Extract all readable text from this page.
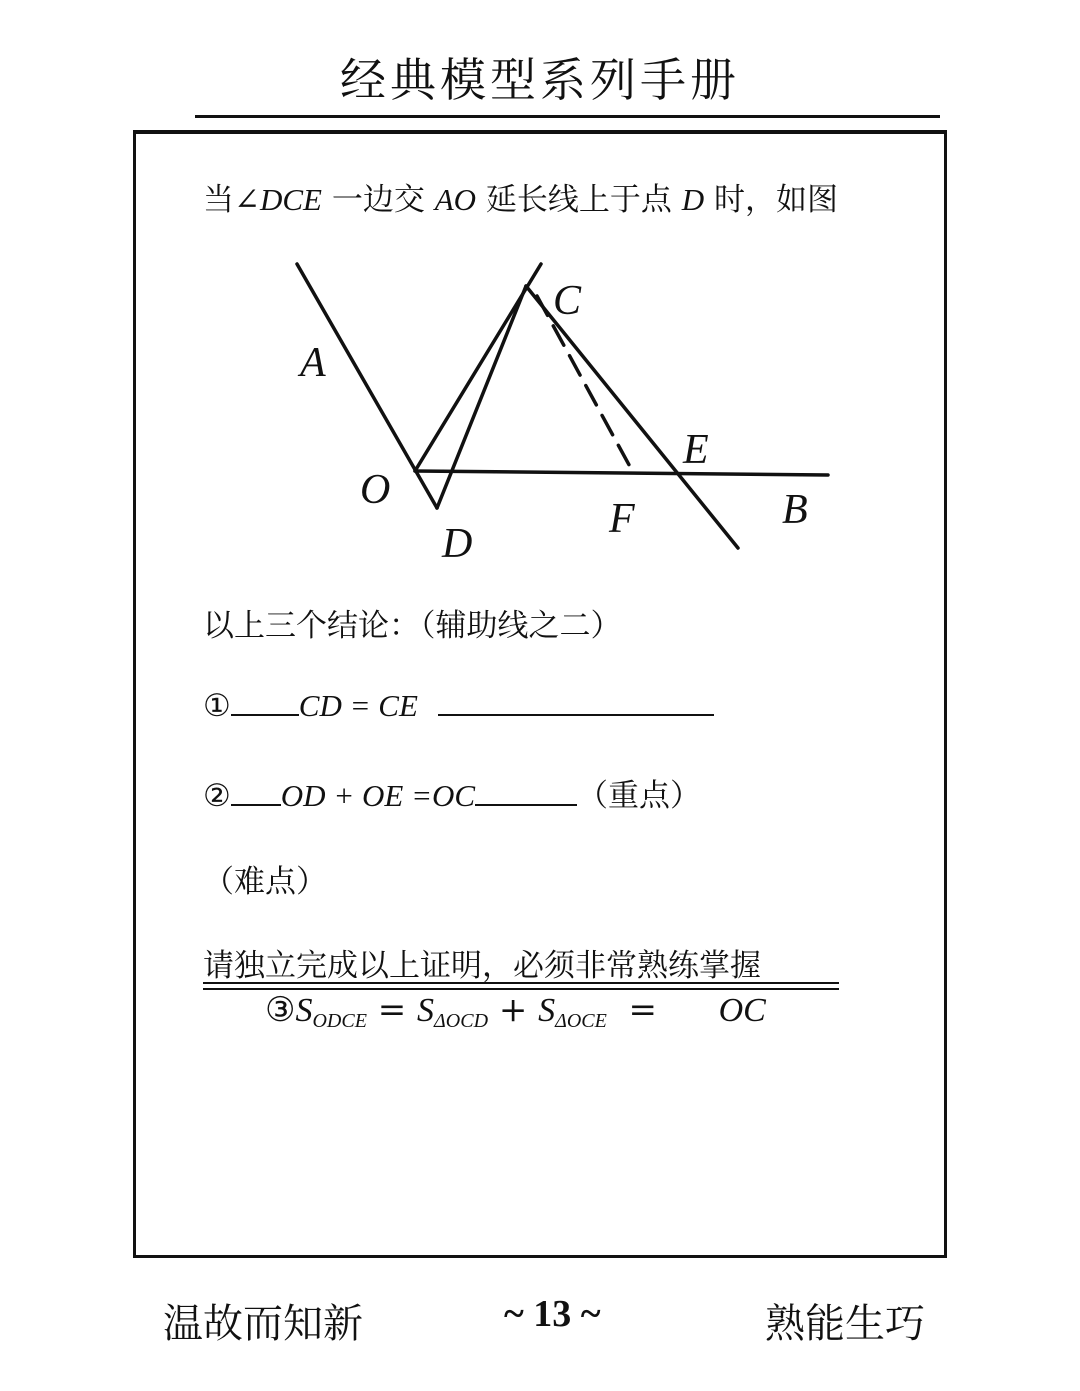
经典模型系列手册
当∠DCE 一边交 AO 延长线上于点 D 时，如图
A
C
O
D
E
F	B
以上三个结论：（辅助线之二）
① CD = CE
② OD + OE =OC	（重点）
（难点）
请独立完成以上证明，必须非常熟练掌握
$③S_{ODCE} = S_{\Delta OCD} + S_{\Delta OCE}$  =  OC
温故而知新	~ 13 ~	熟能生巧
